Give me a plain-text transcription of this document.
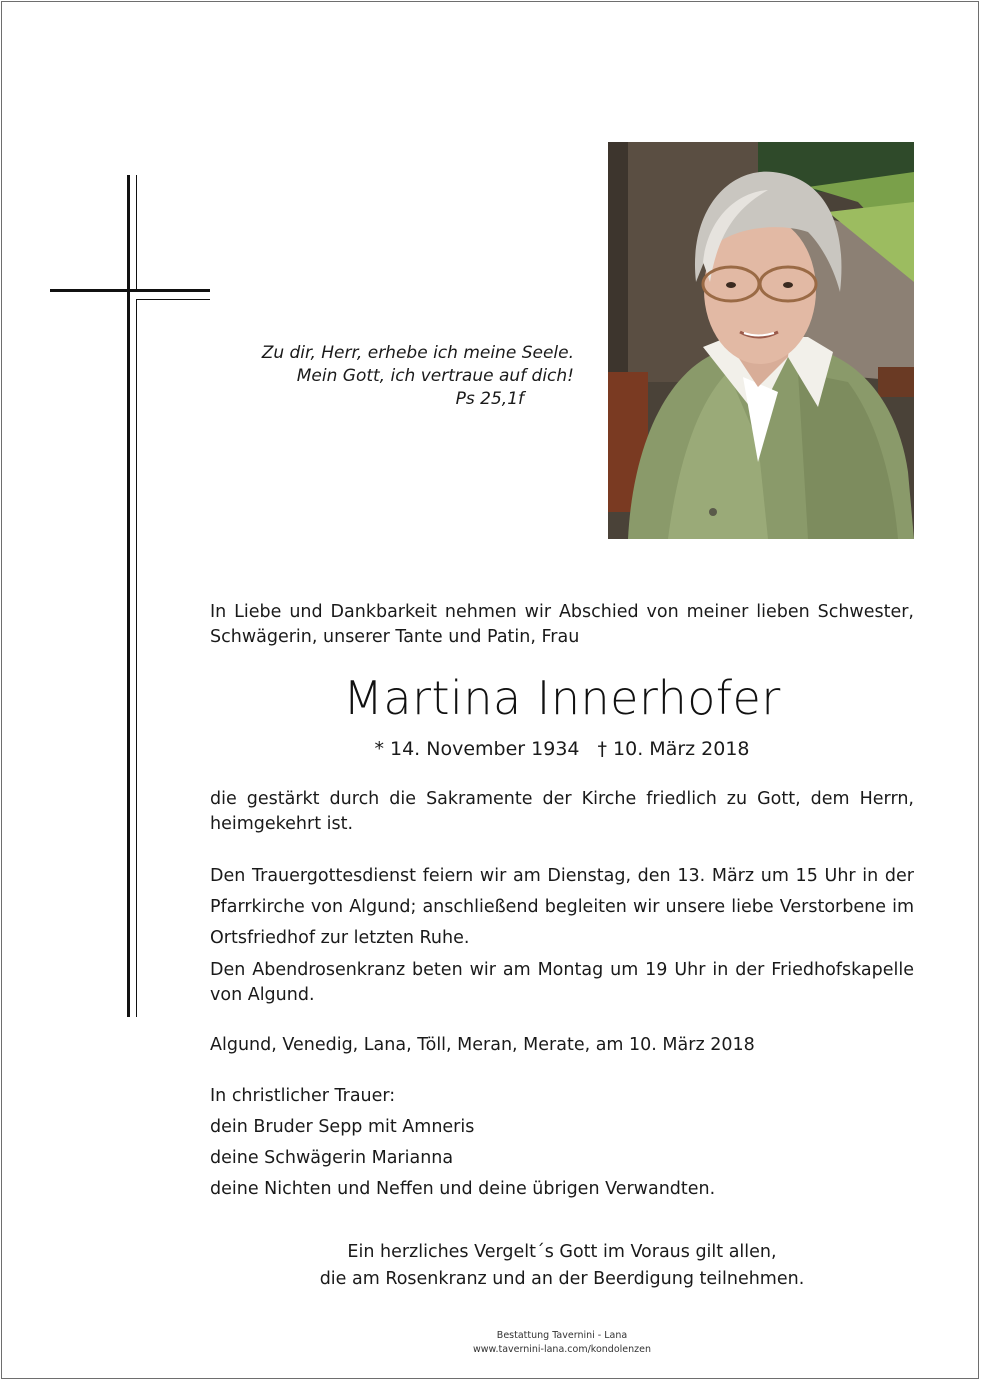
Zu dir, Herr, erhebe ich meine Seele.
Mein Gott, ich vertraue auf dich!

Ps 25,1f
In Liebe und Dankbarkeit nehmen wir Abschied von meiner lieben Schwester, Schwägerin, unserer Tante und Patin, Frau
Martina Innerhofer
* 14. November 1934 † 10. März 2018
die gestärkt durch die Sakramente der Kirche friedlich zu Gott, dem Herrn, heimgekehrt ist.
Den Trauergottesdienst feiern wir am Dienstag, den 13. März um 15 Uhr in der Pfarrkirche von Algund; anschließend begleiten wir unsere liebe Verstorbene im Ortsfriedhof zur letzten Ruhe.
Den Abendrosenkranz beten wir am Montag um 19 Uhr in der Friedhofskapelle von Algund.
Algund, Venedig, Lana, Töll, Meran, Merate, am 10. März 2018
In christlicher Trauer:
dein Bruder Sepp mit Amneris
deine Schwägerin Marianna
deine Nichten und Neffen und deine übrigen Verwandten.
Ein herzliches Vergelt´s Gott im Voraus gilt allen,
die am Rosenkranz und an der Beerdigung teilnehmen.
Bestattung Tavernini - Lana
www.tavernini-lana.com/kondolenzen
